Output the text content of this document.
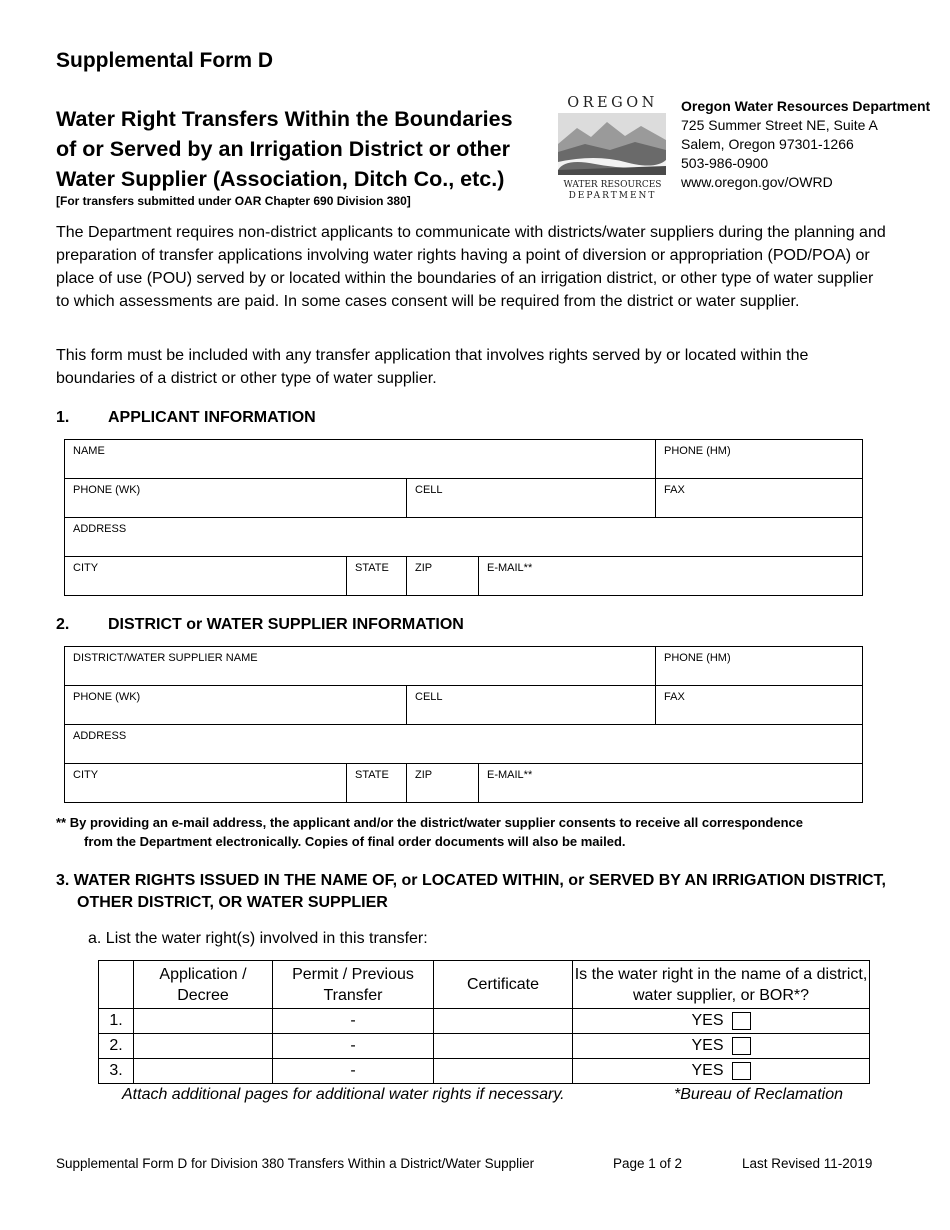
Supplemental Form D
Water Right Transfers Within the Boundaries
of or Served by an Irrigation District or other
Water Supplier (Association, Ditch Co., etc.)
[For transfers submitted under OAR Chapter 690 Division 380]
OREGON
WATER RESOURCES
DEPARTMENT
Oregon Water Resources Department
725 Summer Street NE, Suite A
Salem, Oregon 97301-1266
503-986-0900
www.oregon.gov/OWRD
The Department requires non-district applicants to communicate with districts/water suppliers during the planning and preparation of transfer applications involving water rights having a point of diversion or appropriation (POD/POA) or place of use (POU) served by or located within the boundaries of an irrigation district, or other type of water supplier to which assessments are paid. In some cases consent will be required from the district or water supplier.
This form must be included with any transfer application that involves rights served by or located within the boundaries of a district or other type of water supplier.
1. APPLICANT INFORMATION
NAME				PHONE (HM)
PHONE (WK)		CELL		FAX
ADDRESS				
CITY	STATE	ZIP	E-MAIL**	
2. DISTRICT or WATER SUPPLIER INFORMATION
DISTRICT/WATER SUPPLIER NAME				PHONE (HM)
PHONE (WK)		CELL		FAX
ADDRESS				
CITY	STATE	ZIP	E-MAIL**	
** By providing an e-mail address, the applicant and/or the district/water supplier consents to receive all correspondence
from the Department electronically. Copies of final order documents will also be mailed.
3. WATER RIGHTS ISSUED IN THE NAME OF, or LOCATED WITHIN, or SERVED BY AN IRRIGATION DISTRICT,
OTHER DISTRICT, OR WATER SUPPLIER
a. List the water right(s) involved in this transfer:
	Application / Decree	Permit / Previous Transfer	Certificate	Is the water right in the name of a district, water supplier, or BOR*?
1.		-		YES
2.		-		YES
3.		-		YES
Attach additional pages for additional water rights if necessary.	*Bureau of Reclamation
Supplemental Form D for Division 380 Transfers Within a District/Water Supplier	Page 1 of 2	Last Revised 11-2019
